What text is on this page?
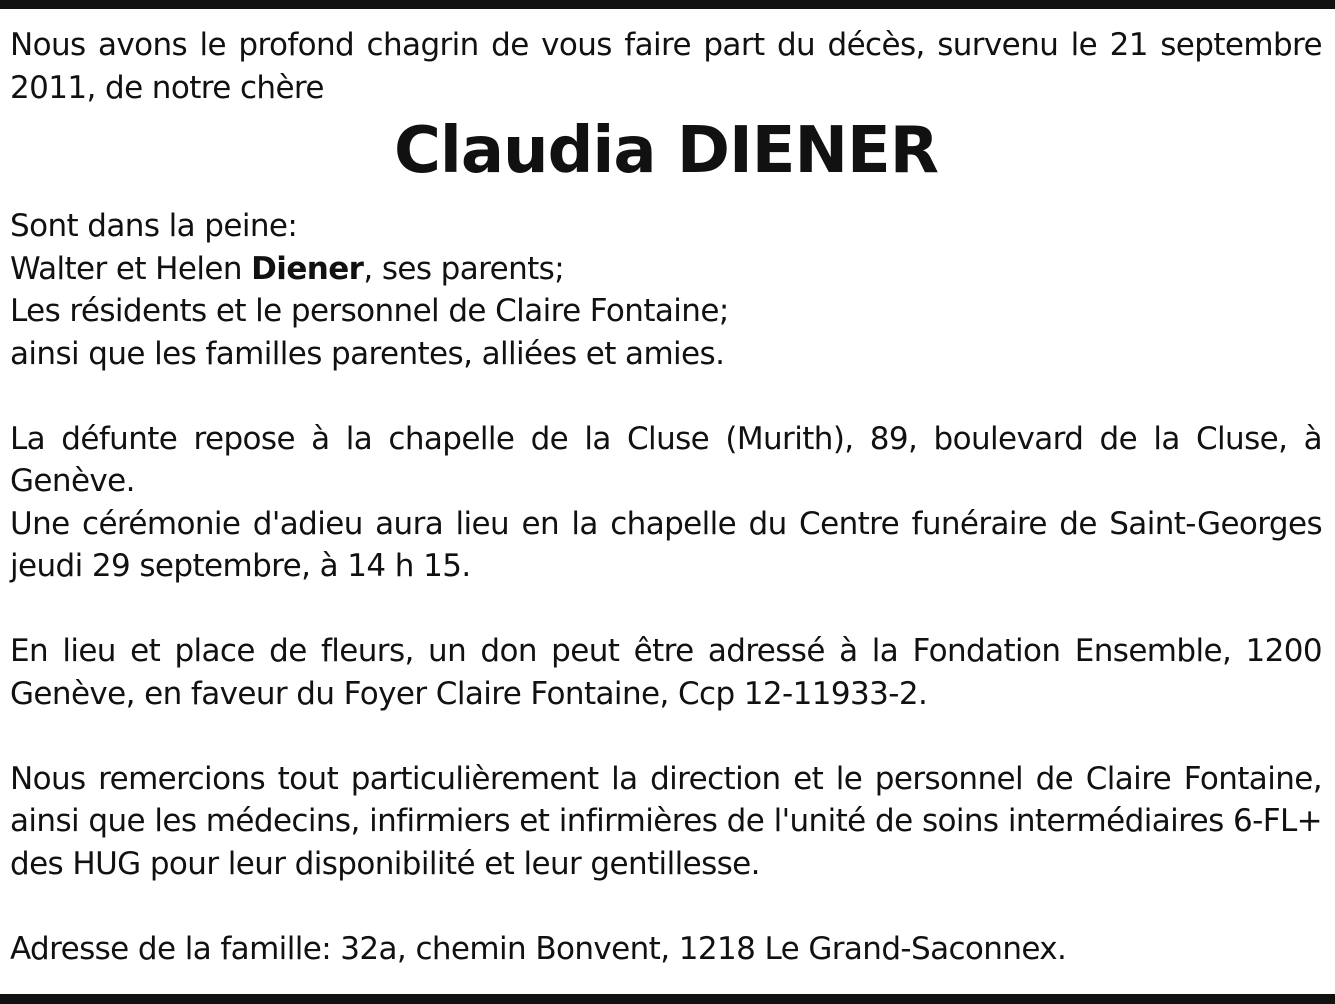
Nous avons le profond chagrin de vous faire part du décès, survenu le 21 septembre 2011, de notre chère

Claudia DIENER
Sont dans la peine:
Walter et Helen Diener, ses parents;
Les résidents et le personnel de Claire Fontaine;
ainsi que les familles parentes, alliées et amies.

La défunte repose à la chapelle de la Cluse (Murith), 89, boulevard de la Cluse, à Genève.

Une cérémonie d'adieu aura lieu en la chapelle du Centre funéraire de Saint-Georges jeudi 29 septembre, à 14 h 15.

En lieu et place de fleurs, un don peut être adressé à la Fondation Ensemble, 1200 Genève, en faveur du Foyer Claire Fontaine, Ccp 12-11933-2.

Nous remercions tout particulièrement la direction et le personnel de Claire Fontaine, ainsi que les médecins, infirmiers et infirmières de l'unité de soins intermédiaires 6-FL+ des HUG pour leur disponibilité et leur gentillesse.

Adresse de la famille: 32a, chemin Bonvent, 1218 Le Grand-Saconnex.
